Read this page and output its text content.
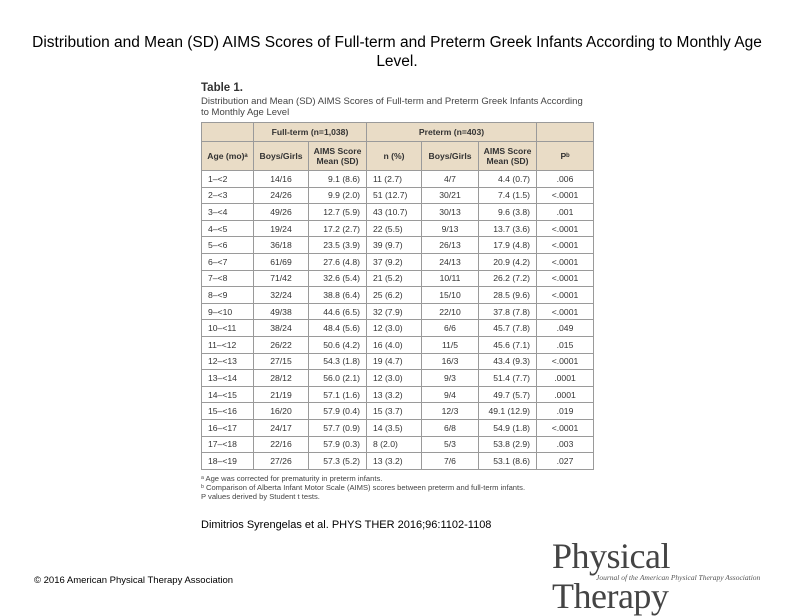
Distribution and Mean (SD) AIMS Scores of Full-term and Preterm Greek Infants According to Monthly Age Level.

Table 1.

Distribution and Mean (SD) AIMS Scores of Full-term and Preterm Greek Infants According to Monthly Age Level

	Full-term (n=1,038)		Preterm (n=403)			
Age (mo)ᵃ	Boys/Girls	AIMS Score Mean (SD)	n (%)	Boys/Girls	AIMS Score Mean (SD)	Pᵇ
1–<2	14/16	9.1 (8.6)	11 (2.7)	4/7	4.4 (0.7)	.006
2–<3	24/26	9.9 (2.0)	51 (12.7)	30/21	7.4 (1.5)	<.0001
3–<4	49/26	12.7 (5.9)	43 (10.7)	30/13	9.6 (3.8)	.001
4–<5	19/24	17.2 (2.7)	22 (5.5)	9/13	13.7 (3.6)	<.0001
5–<6	36/18	23.5 (3.9)	39 (9.7)	26/13	17.9 (4.8)	<.0001
6–<7	61/69	27.6 (4.8)	37 (9.2)	24/13	20.9 (4.2)	<.0001
7–<8	71/42	32.6 (5.4)	21 (5.2)	10/11	26.2 (7.2)	<.0001
8–<9	32/24	38.8 (6.4)	25 (6.2)	15/10	28.5 (9.6)	<.0001
9–<10	49/38	44.6 (6.5)	32 (7.9)	22/10	37.8 (7.8)	<.0001
10–<11	38/24	48.4 (5.6)	12 (3.0)	6/6	45.7 (7.8)	.049
11–<12	26/22	50.6 (4.2)	16 (4.0)	11/5	45.6 (7.1)	.015
12–<13	27/15	54.3 (1.8)	19 (4.7)	16/3	43.4 (9.3)	<.0001
13–<14	28/12	56.0 (2.1)	12 (3.0)	9/3	51.4 (7.7)	.0001
14–<15	21/19	57.1 (1.6)	13 (3.2)	9/4	49.7 (5.7)	.0001
15–<16	16/20	57.9 (0.4)	15 (3.7)	12/3	49.1 (12.9)	.019
16–<17	24/17	57.7 (0.9)	14 (3.5)	6/8	54.9 (1.8)	<.0001
17–<18	22/16	57.9 (0.3)	8 (2.0)	5/3	53.8 (2.9)	.003
18–<19	27/26	57.3 (5.2)	13 (3.2)	7/6	53.1 (8.6)	.027

ᵃ Age was corrected for prematurity in preterm infants.

ᵇ Comparison of Alberta Infant Motor Scale (AIMS) scores between preterm and full-term infants.

P values derived by Student t tests.

Dimitrios Syrengelas et al. PHYS THER 2016;96:1102-1108
© 2016 American Physical Therapy Association
Physical Therapy
Journal of the American Physical Therapy Association
